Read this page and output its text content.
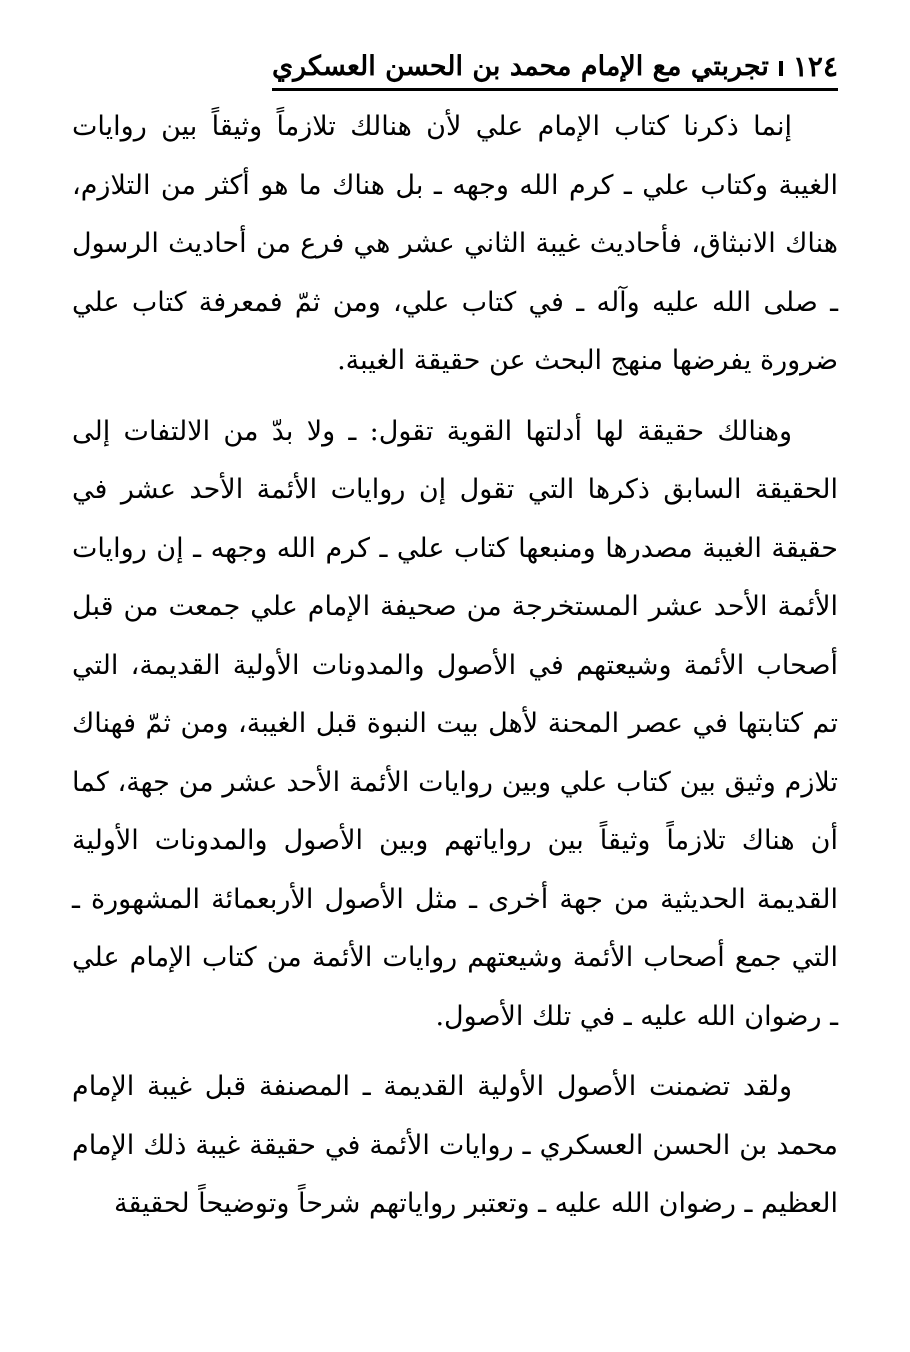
١٢٤
تجربتي مع الإمام محمد بن الحسن العسكري

إنما ذكرنا كتاب الإمام علي لأن هنالك تلازماً وثيقاً بين روايات الغيبة وكتاب علي ـ كرم الله وجهه ـ بل هناك ما هو أكثر من التلازم، هناك الانبثاق، فأحاديث غيبة الثاني عشر هي فرع من أحاديث الرسول ـ صلى الله عليه وآله ـ في كتاب علي، ومن ثمّ فمعرفة كتاب علي ضرورة يفرضها منهج البحث عن حقيقة الغيبة.

وهنالك حقيقة لها أدلتها القوية تقول: ـ ولا بدّ من الالتفات إلى الحقيقة السابق ذكرها التي تقول إن روايات الأئمة الأحد عشر في حقيقة الغيبة مصدرها ومنبعها كتاب علي ـ كرم الله وجهه ـ إن روايات الأئمة الأحد عشر المستخرجة من صحيفة الإمام علي جمعت من قبل أصحاب الأئمة وشيعتهم في الأصول والمدونات الأولية القديمة، التي تم كتابتها في عصر المحنة لأهل بيت النبوة قبل الغيبة، ومن ثمّ فهناك تلازم وثيق بين كتاب علي وبين روايات الأئمة الأحد عشر من جهة، كما أن هناك تلازماً وثيقاً بين رواياتهم وبين الأصول والمدونات الأولية القديمة الحديثية من جهة أخرى ـ مثل الأصول الأربعمائة المشهورة ـ التي جمع أصحاب الأئمة وشيعتهم روايات الأئمة من كتاب الإمام علي ـ رضوان الله عليه ـ في تلك الأصول.

ولقد تضمنت الأصول الأولية القديمة ـ المصنفة قبل غيبة الإمام محمد بن الحسن العسكري ـ روايات الأئمة في حقيقة غيبة ذلك الإمام العظيم ـ رضوان الله عليه ـ وتعتبر رواياتهم شرحاً وتوضيحاً لحقيقة
